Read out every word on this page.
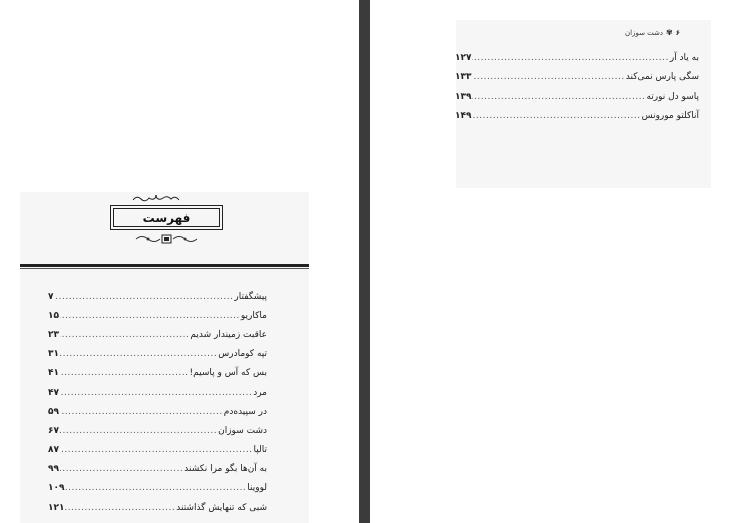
فهرست
پیشگفتار
.....
۷
ماکاریو
.....
۱۵
عاقبت زمیندار شدیم
.....
۲۳
تپه کومادرس
.....
۳۱
بس که آس و پاسیم!
.....
۴۱
مرد
.....
۴۷
در سپیده‌دم
.....
۵۹
دشت سوزان
.....
۶۷
تالپا
.....
۸۷
به آن‌ها بگو مرا نکشند
.....
۹۹
لووینا
.....
۱۰۹
شبی که تنهایش گذاشتند
.....
۱۲۱
۶
✾
دشت سوزان
به یاد آر
.....
۱۲۷
سگی پارس نمی‌کند
.....
۱۳۳
پاسو دل نورته
.....
۱۳۹
آناکلتو مورونس
.....
۱۴۹
